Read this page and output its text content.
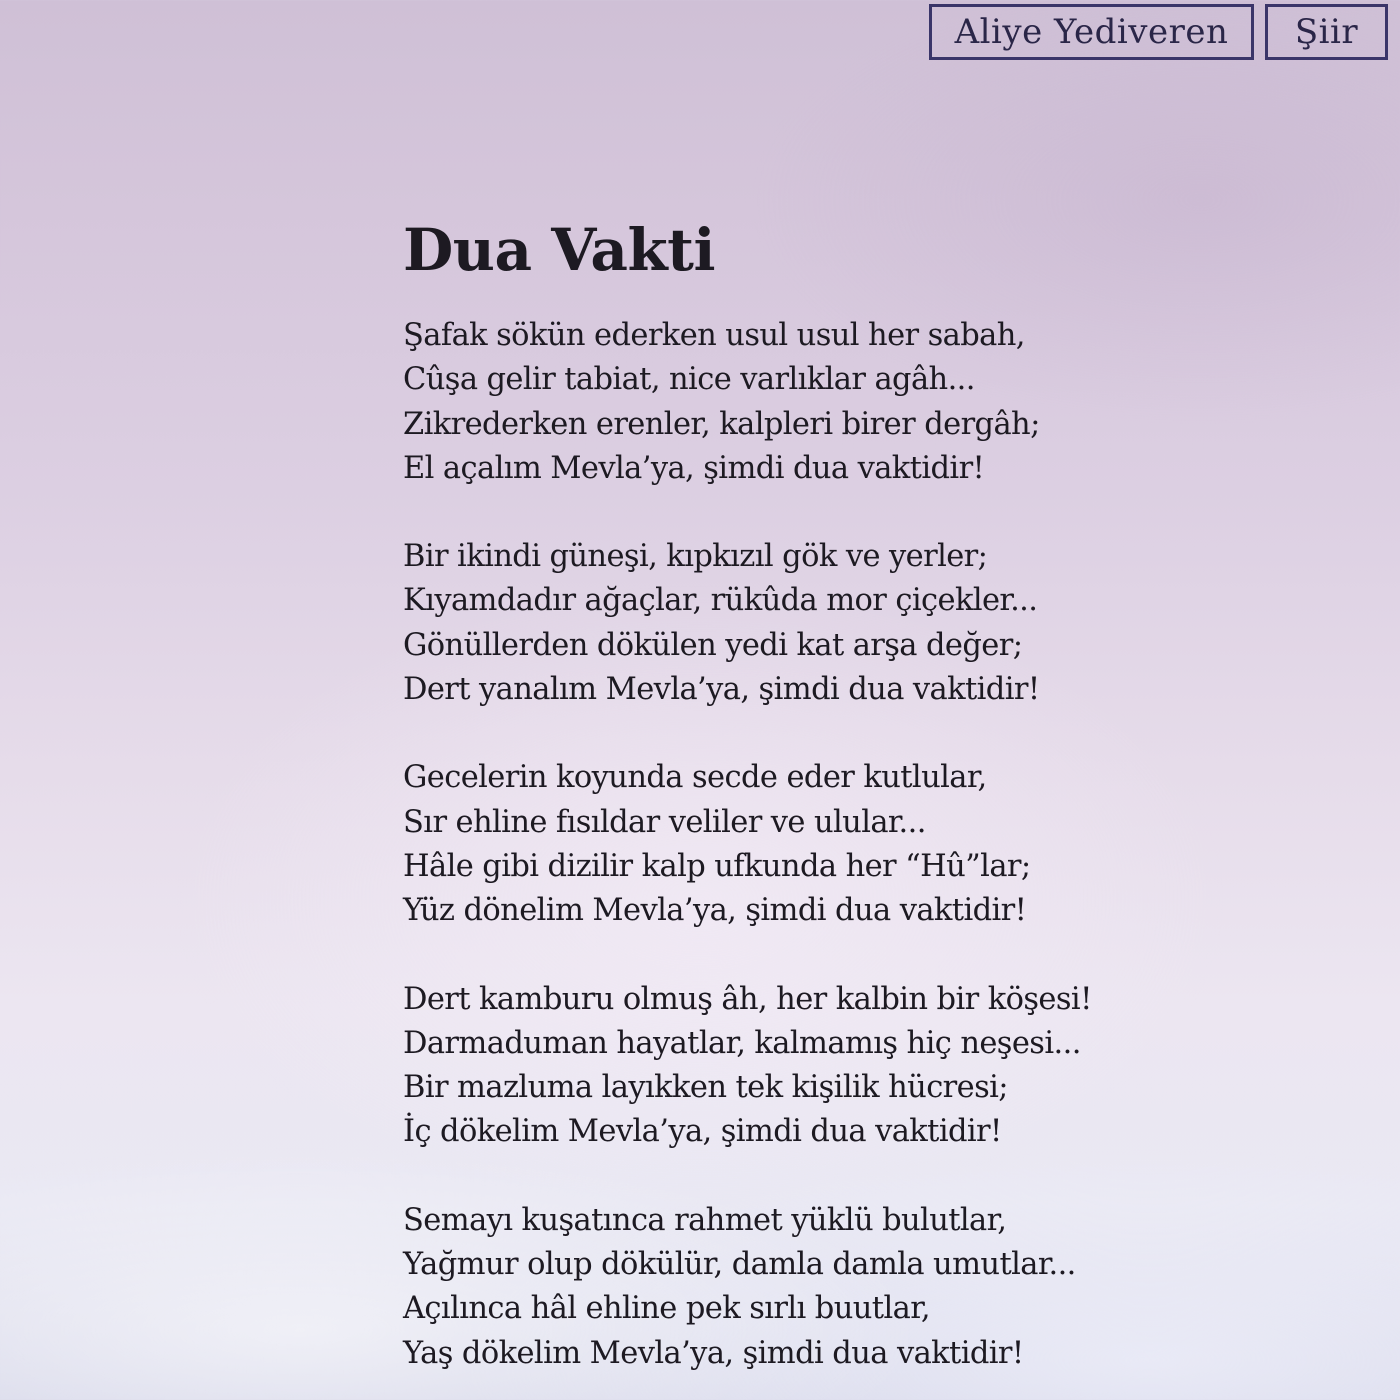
Aliye Yediveren	Şiir
Dua Vakti
Şafak sökün ederken usul usul her sabah,
Cûşa gelir tabiat, nice varlıklar agâh...
Zikrederken erenler, kalpleri birer dergâh;
El açalım Mevla’ya, şimdi dua vaktidir!
Bir ikindi güneşi, kıpkızıl gök ve yerler;
Kıyamdadır ağaçlar, rükûda mor çiçekler...
Gönüllerden dökülen yedi kat arşa değer;
Dert yanalım Mevla’ya, şimdi dua vaktidir!
Gecelerin koyunda secde eder kutlular,
Sır ehline fısıldar veliler ve ulular...
Hâle gibi dizilir kalp ufkunda her “Hû”lar;
Yüz dönelim Mevla’ya, şimdi dua vaktidir!
Dert kamburu olmuş âh, her kalbin bir köşesi!
Darmaduman hayatlar, kalmamış hiç neşesi...
Bir mazluma layıkken tek kişilik hücresi;
İç dökelim Mevla’ya, şimdi dua vaktidir!
Semayı kuşatınca rahmet yüklü bulutlar,
Yağmur olup dökülür, damla damla umutlar...
Açılınca hâl ehline pek sırlı buutlar,
Yaş dökelim Mevla’ya, şimdi dua vaktidir!
